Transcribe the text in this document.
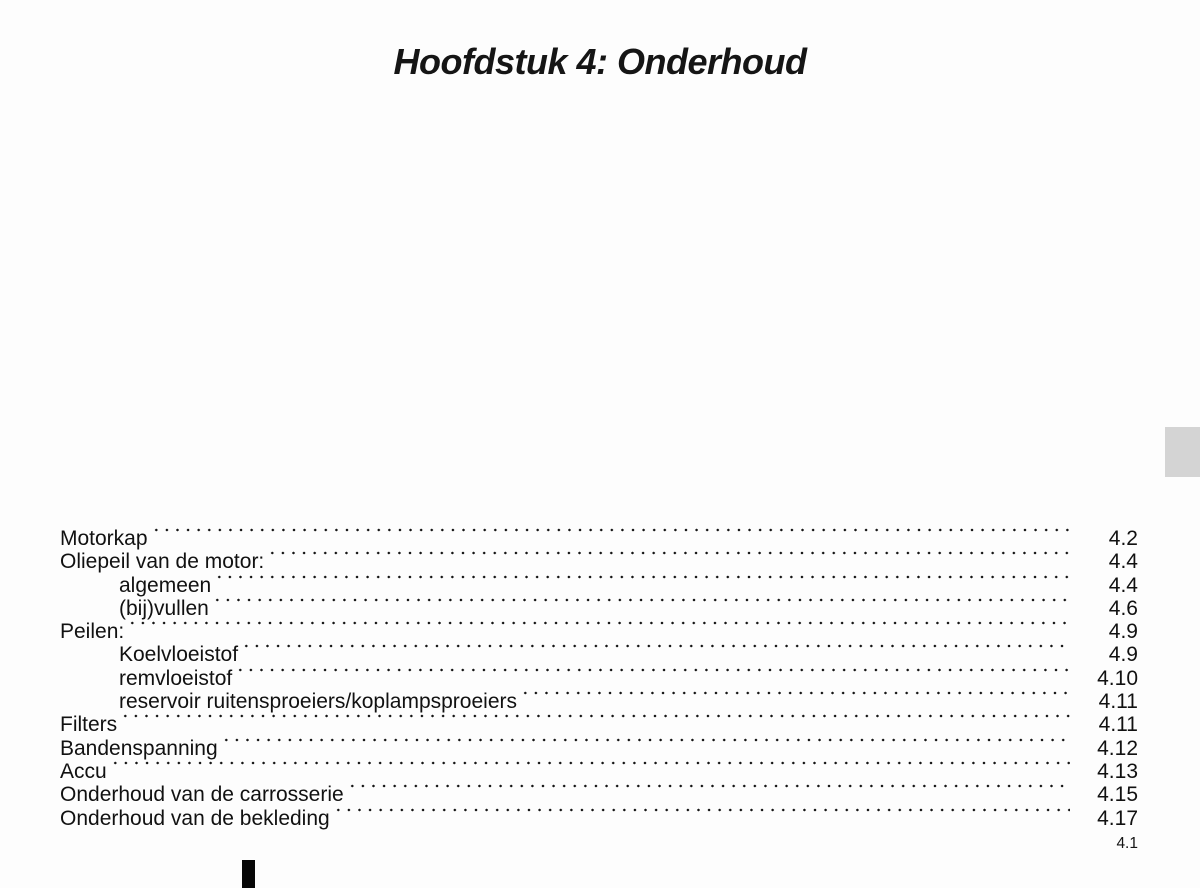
Hoofdstuk 4: Onderhoud
Motorkap	4.2
Oliepeil van de motor:	4.4
algemeen	4.4
(bij)vullen	4.6
Peilen:	4.9
Koelvloeistof	4.9
remvloeistof	4.10
reservoir ruitensproeiers/koplampsproeiers	4.11
Filters	4.11
Bandenspanning	4.12
Accu	4.13
Onderhoud van de carrosserie	4.15
Onderhoud van de bekleding	4.17
4.1
